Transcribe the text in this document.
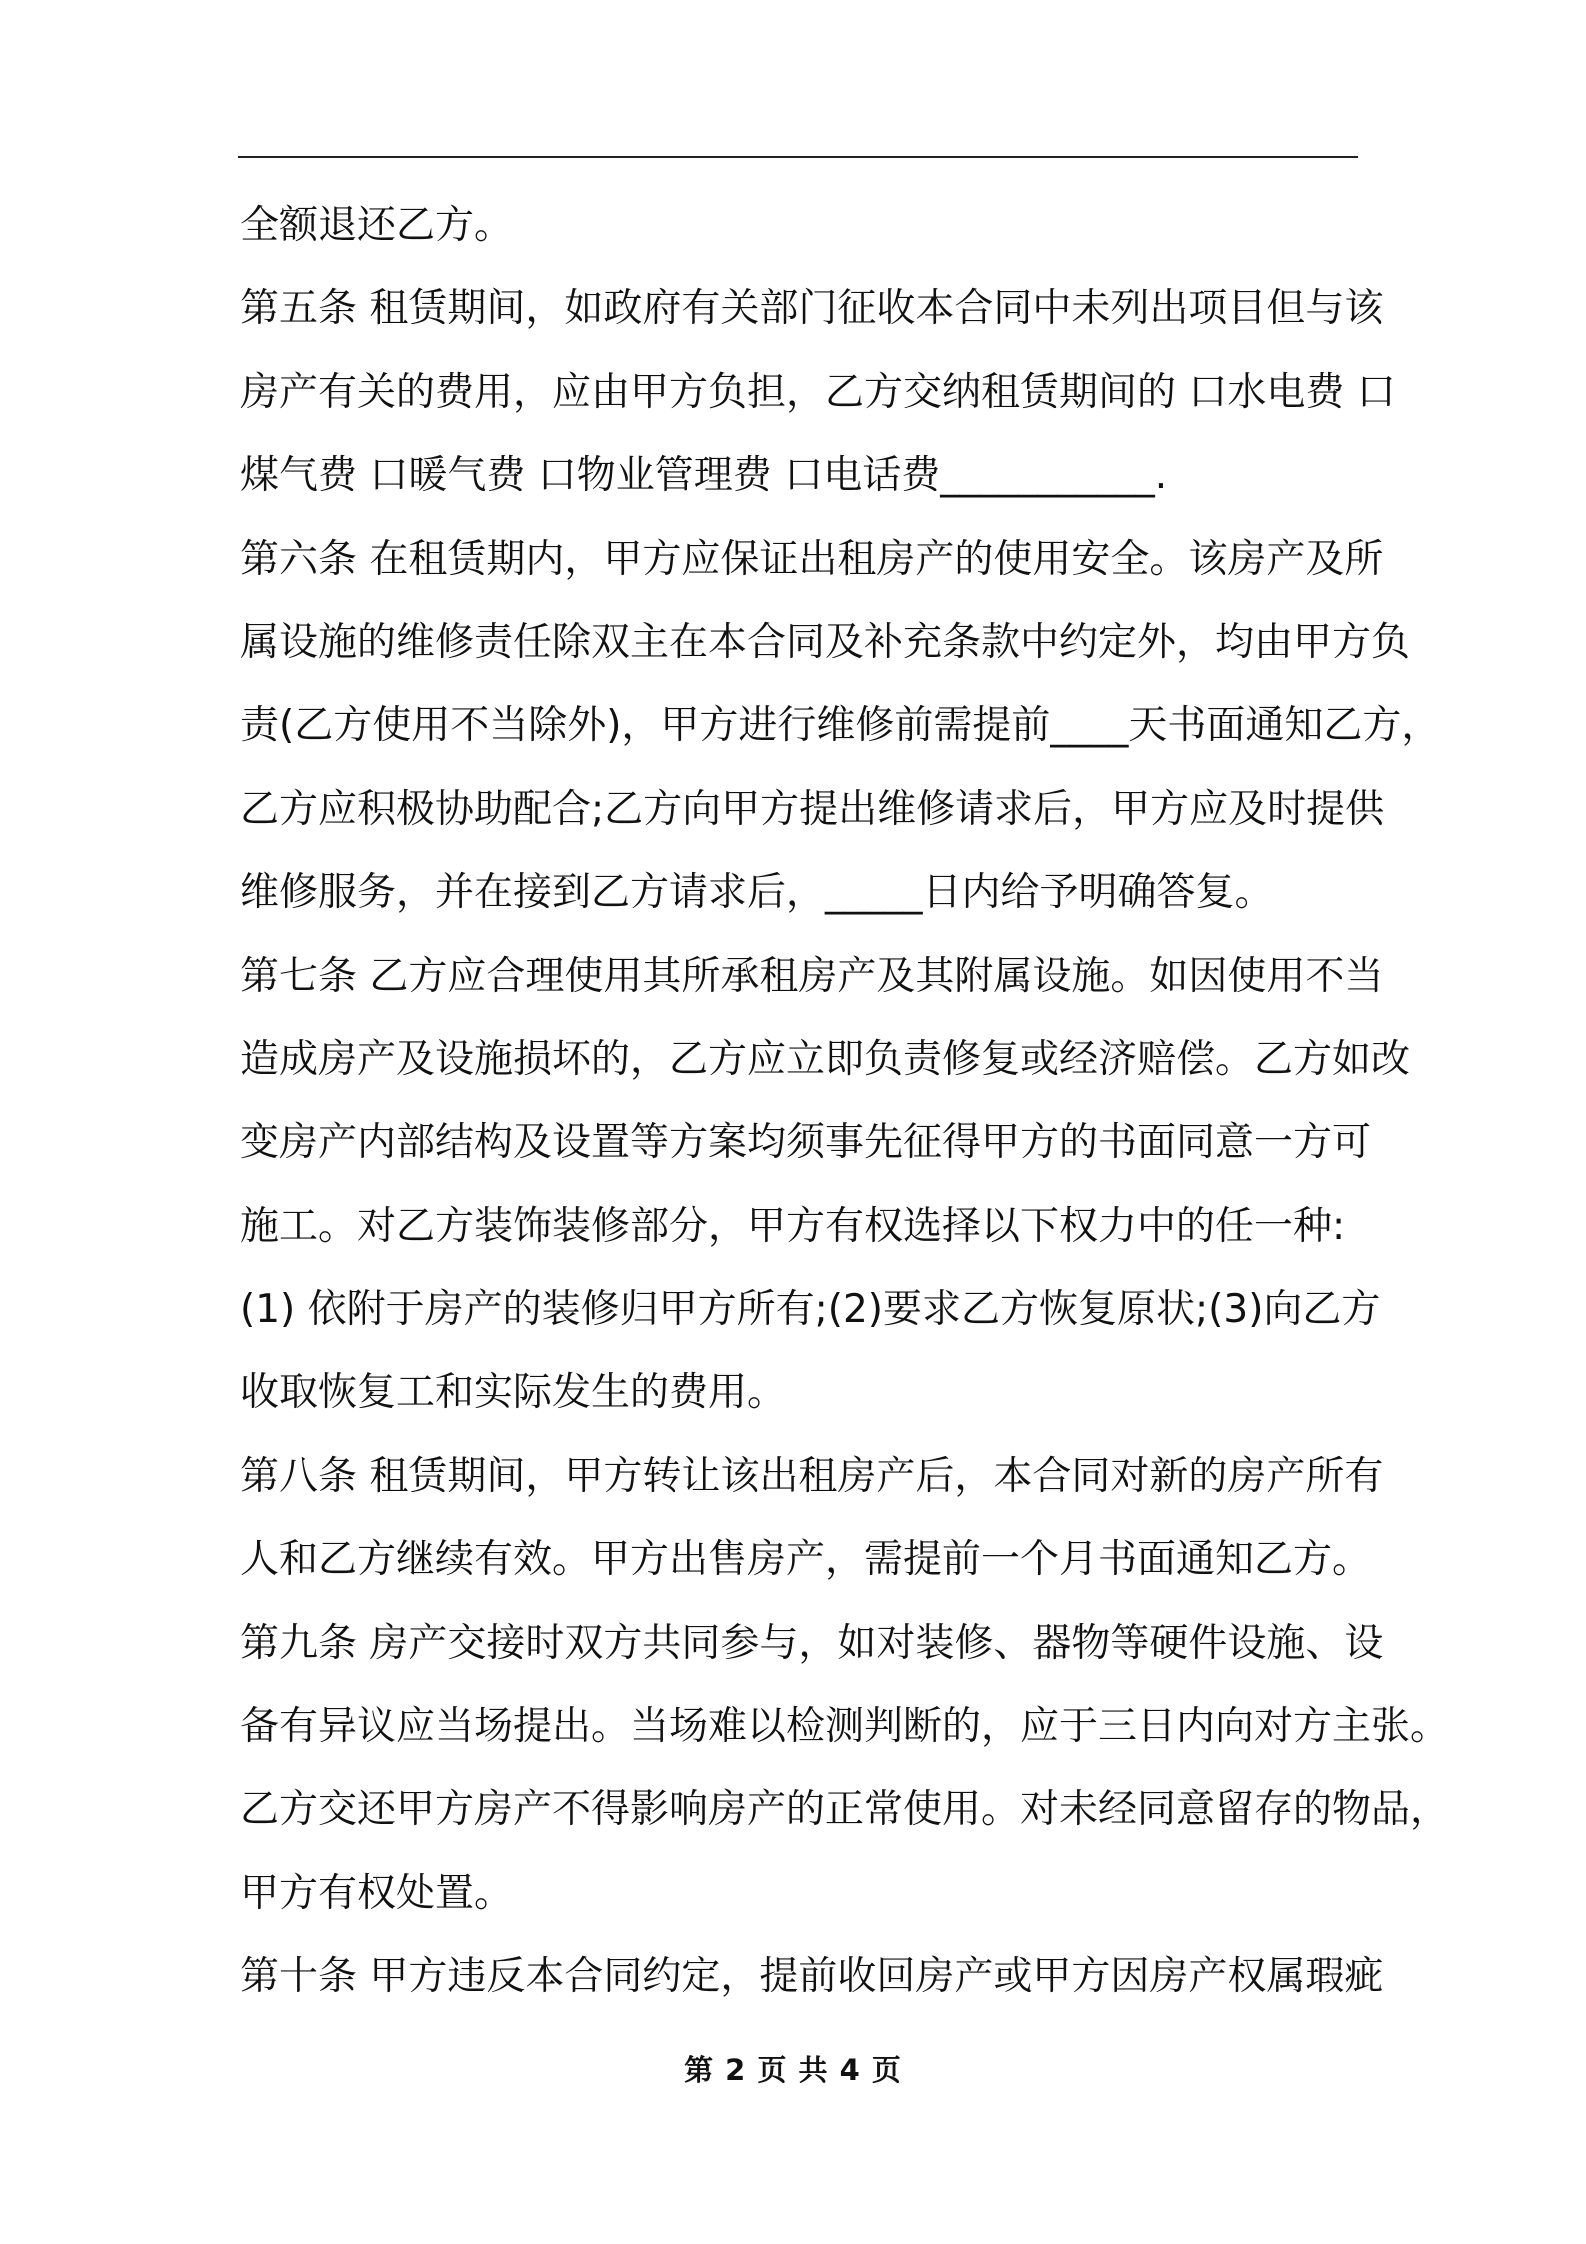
全额退还乙方。
第五条 租赁期间，如政府有关部门征收本合同中未列出项目但与该
房产有关的费用，应由甲方负担，乙方交纳租赁期间的 口水电费 口
煤气费 口暖气费 口物业管理费 口电话费___________.
第六条 在租赁期内，甲方应保证出租房产的使用安全。该房产及所
属设施的维修责任除双主在本合同及补充条款中约定外，均由甲方负
责(乙方使用不当除外)，甲方进行维修前需提前____天书面通知乙方，
乙方应积极协助配合;乙方向甲方提出维修请求后，甲方应及时提供
维修服务，并在接到乙方请求后，_____日内给予明确答复。
第七条 乙方应合理使用其所承租房产及其附属设施。如因使用不当
造成房产及设施损坏的，乙方应立即负责修复或经济赔偿。乙方如改
变房产内部结构及设置等方案均须事先征得甲方的书面同意一方可
施工。对乙方装饰装修部分，甲方有权选择以下权力中的任一种:
(1) 依附于房产的装修归甲方所有;(2)要求乙方恢复原状;(3)向乙方
收取恢复工和实际发生的费用。
第八条 租赁期间，甲方转让该出租房产后，本合同对新的房产所有
人和乙方继续有效。甲方出售房产，需提前一个月书面通知乙方。
第九条 房产交接时双方共同参与，如对装修、器物等硬件设施、设
备有异议应当场提出。当场难以检测判断的，应于三日内向对方主张。
乙方交还甲方房产不得影响房产的正常使用。对未经同意留存的物品，
甲方有权处置。
第十条 甲方违反本合同约定，提前收回房产或甲方因房产权属瑕疵
第 2 页 共 4 页
